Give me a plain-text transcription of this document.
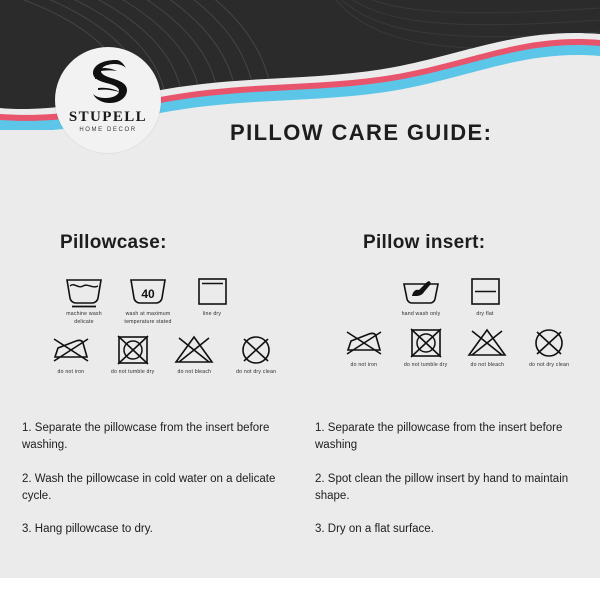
STUPELL
HOME DECOR	PILLOW CARE GUIDE:
Pillowcase:
machine wash
delicate
40
wash at maximum
temperature stated
line dry
do not iron	do not tumble dry	do not bleach	do not dry clean
Pillow insert:
hand wash only	dry flat
do not iron	do not tumble dry	do not bleach	do not dry clean

1. Separate the pillowcase from the insert before washing.

2. Wash the pillowcase in cold water on a delicate cycle.

3. Hang pillowcase to dry.

1. Separate the pillowcase from the insert before washing

2. Spot clean the pillow insert by hand to maintain shape.

3. Dry on a flat surface.
